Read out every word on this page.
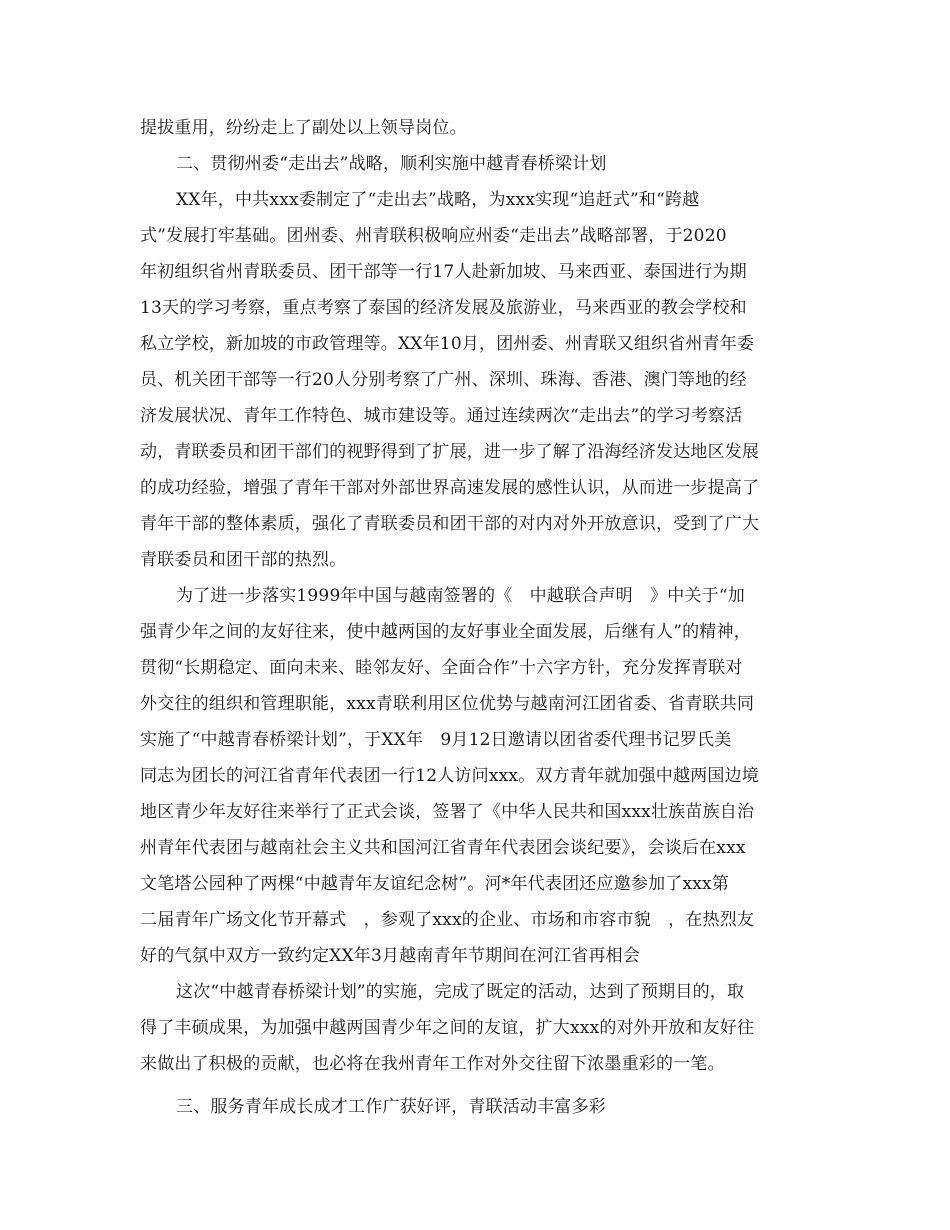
提拔重用，纷纷走上了副处以上领导岗位。
二、贯彻州委“走出去”战略，顺利实施中越青春桥梁计划
XX年，中共xxx委制定了“走出去”战略，为xxx实现“追赶式”和“跨越
式”发展打牢基础。团州委、州青联积极响应州委“走出去”战略部署，于2020
年初组织省州青联委员、团干部等一行17人赴新加坡、马来西亚、泰国进行为期
13天的学习考察，重点考察了泰国的经济发展及旅游业，马来西亚的教会学校和
私立学校，新加坡的市政管理等。XX年10月，团州委、州青联又组织省州青年委
员、机关团干部等一行20人分别考察了广州、深圳、珠海、香港、澳门等地的经
济发展状况、青年工作特色、城市建设等。通过连续两次“走出去”的学习考察活
动，青联委员和团干部们的视野得到了扩展，进一步了解了沿海经济发达地区发展
的成功经验，增强了青年干部对外部世界高速发展的感性认识，从而进一步提高了
青年干部的整体素质，强化了青联委员和团干部的对内对外开放意识，受到了广大
青联委员和团干部的热烈。
为了进一步落实1999年中国与越南签署的《　中越联合声明　》中关于“加
强青少年之间的友好往来，使中越两国的友好事业全面发展，后继有人”的精神，
贯彻“长期稳定、面向未来、睦邻友好、全面合作”十六字方针，充分发挥青联对
外交往的组织和管理职能，xxx青联利用区位优势与越南河江团省委、省青联共同
实施了“中越青春桥梁计划”，于XX年　9月12日邀请以团省委代理书记罗氏美
同志为团长的河江省青年代表团一行12人访问xxx。双方青年就加强中越两国边境
地区青少年友好往来举行了正式会谈，签署了《中华人民共和国xxx壮族苗族自治
州青年代表团与越南社会主义共和国河江省青年代表团会谈纪要》，会谈后在xxx
文笔塔公园种了两棵“中越青年友谊纪念树”。河*年代表团还应邀参加了xxx第
二届青年广场文化节开幕式　，参观了xxx的企业、市场和市容市貌　，在热烈友
好的气氛中双方一致约定XX年3月越南青年节期间在河江省再相会
这次“中越青春桥梁计划”的实施，完成了既定的活动，达到了预期目的，取
得了丰硕成果，为加强中越两国青少年之间的友谊，扩大xxx的对外开放和友好往
来做出了积极的贡献，也必将在我州青年工作对外交往留下浓墨重彩的一笔。
三、服务青年成长成才工作广获好评，青联活动丰富多彩
